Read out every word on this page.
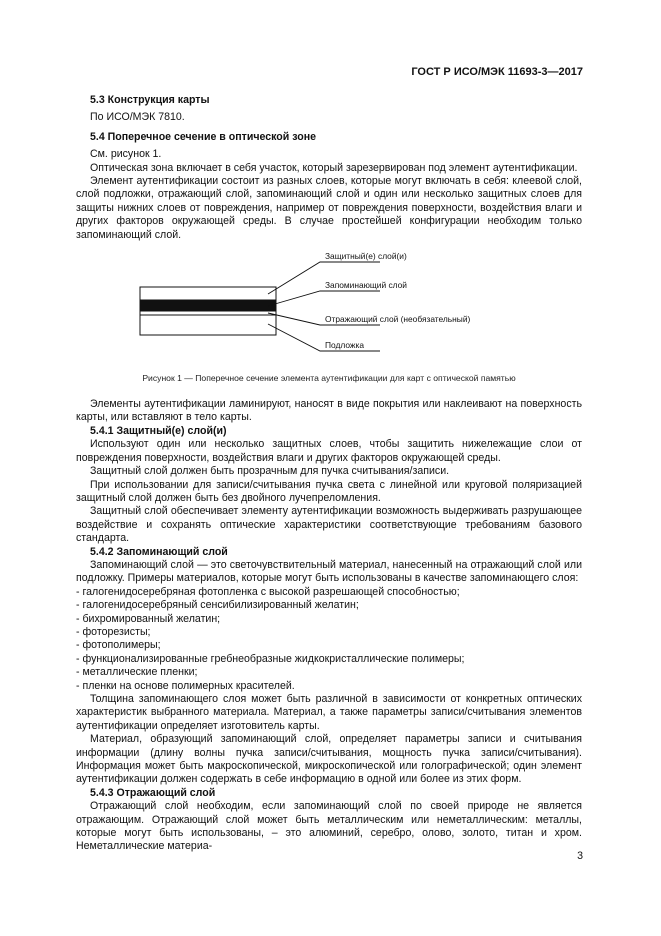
ГОСТ Р ИСО/МЭК 11693-3—2017

5.3 Конструкция карты

По ИСО/МЭК 7810.

5.4 Поперечное сечение в оптической зоне

См. рисунок 1.

Оптическая зона включает в себя участок, который зарезервирован под элемент аутентификации.

Элемент аутентификации состоит из разных слоев, которые могут включать в себя: клеевой слой, слой подложки, отражающий слой, запоминающий слой и один или несколько защитных слоев для защиты нижних слоев от повреждения, например от повреждения поверхности, воздействия влаги и других факторов окружающей среды. В случае простейшей конфигурации необходим только запоминающий слой.

Защитный(е) слой(и)
Запоминающий слой
Отражающий слой (необязательный)
Подложка
Рисунок 1 — Поперечное сечение элемента аутентификации для карт с оптической памятью

Элементы аутентификации ламинируют, наносят в виде покрытия или наклеивают на поверхность карты, или вставляют в тело карты.

5.4.1 Защитный(е) слой(и)

Используют один или несколько защитных слоев, чтобы защитить нижележащие слои от повреждения поверхности, воздействия влаги и других факторов окружающей среды.

Защитный слой должен быть прозрачным для пучка считывания/записи.

При использовании для записи/считывания пучка света с линейной или круговой поляризацией защитный слой должен быть без двойного лучепреломления.

Защитный слой обеспечивает элементу аутентификации возможность выдерживать разрушающее воздействие и сохранять оптические характеристики соответствующие требованиям базового стандарта.

5.4.2 Запоминающий слой

Запоминающий слой — это светочувствительный материал, нанесенный на отражающий слой или подложку. Примеры материалов, которые могут быть использованы в качестве запоминающего слоя:

- галогенидосеребряная фотопленка с высокой разрешающей способностью;
- галогенидосеребряный сенсибилизированный желатин;
- бихромированный желатин;
- фоторезисты;
- фотополимеры;
- функционализированные гребнеобразные жидкокристаллические полимеры;
- металлические пленки;
- пленки на основе полимерных красителей.

Толщина запоминающего слоя может быть различной в зависимости от конкретных оптических характеристик выбранного материала. Материал, а также параметры записи/считывания элементов аутентификации определяет изготовитель карты.

Материал, образующий запоминающий слой, определяет параметры записи и считывания информации (длину волны пучка записи/считывания, мощность пучка записи/считывания). Информация может быть макроскопической, микроскопической или голографической; один элемент аутентификации должен содержать в себе информацию в одной или более из этих форм.

5.4.3 Отражающий слой

Отражающий слой необходим, если запоминающий слой по своей природе не является отражающим. Отражающий слой может быть металлическим или неметаллическим: металлы, которые могут быть использованы, – это алюминий, серебро, олово, золото, титан и хром. Неметаллические материа-

3
